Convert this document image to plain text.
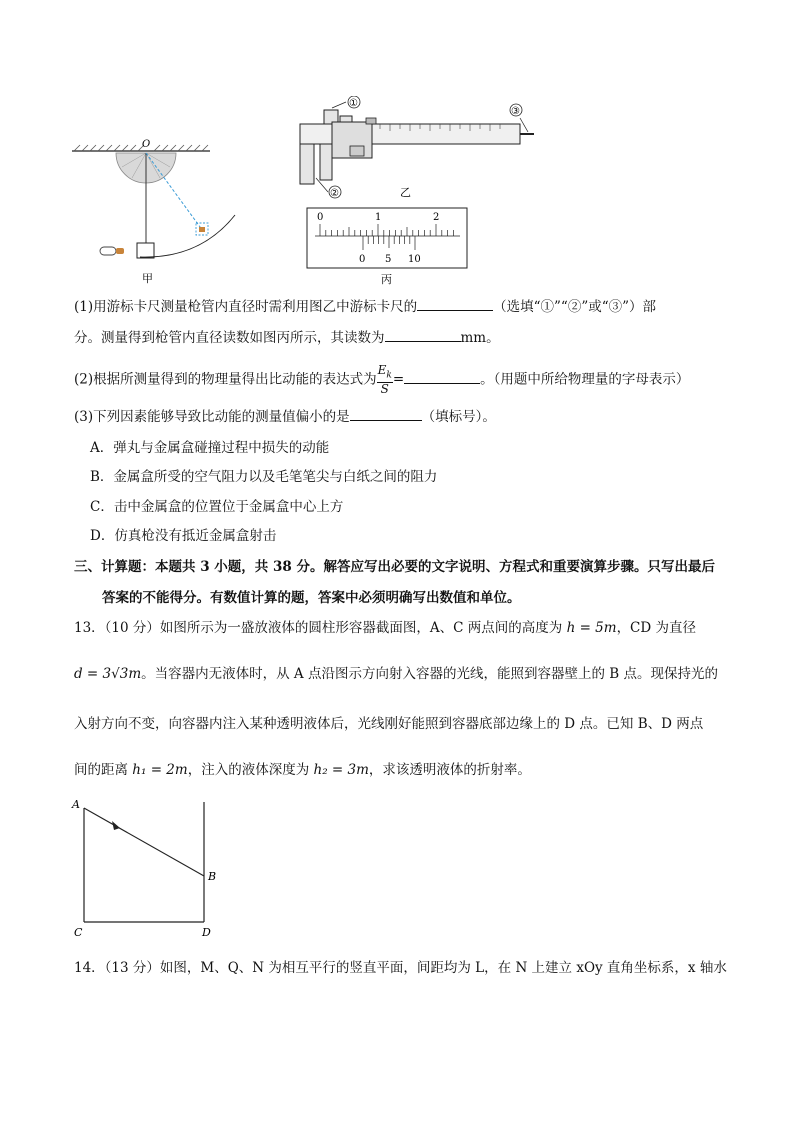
O
甲
①
②
③
乙
0	1	2
0 5 10
丙
(1)用游标卡尺测量枪管内直径时需利用图乙中游标卡尺的	（选填“①”“②”或“③”）部
分。测量得到枪管内直径读数如图丙所示，其读数为	mm。
(2)根据所测量得到的物理量得出比动能的表达式为 $\frac{E_k}{S}$ =	。（用题中所给物理量的字母表示）
(3)下列因素能够导致比动能的测量值偏小的是	（填标号）。
A．弹丸与金属盒碰撞过程中损失的动能
B．金属盒所受的空气阻力以及毛笔笔尖与白纸之间的阻力
C．击中金属盒的位置位于金属盒中心上方
D．仿真枪没有抵近金属盒射击
三、计算题：本题共 3 小题，共 38 分。解答应写出必要的文字说明、方程式和重要演算步骤。只写出最后
答案的不能得分。有数值计算的题，答案中必须明确写出数值和单位。
13．（10 分）如图所示为一盛放液体的圆柱形容器截面图，A、C 两点间的高度为 h = 5m，CD 为直径
d = 3√3m。当容器内无液体时，从 A 点沿图示方向射入容器的光线，能照到容器壁上的 B 点。现保持光的
入射方向不变，向容器内注入某种透明液体后，光线刚好能照到容器底部边缘上的 D 点。已知 B、D 两点
间的距离 h₁ = 2m，注入的液体深度为 h₂ = 3m，求该透明液体的折射率。
A
B
C	D
14．（13 分）如图，M、Q、N 为相互平行的竖直平面，间距均为 L，在 N 上建立 xOy 直角坐标系，x 轴水
